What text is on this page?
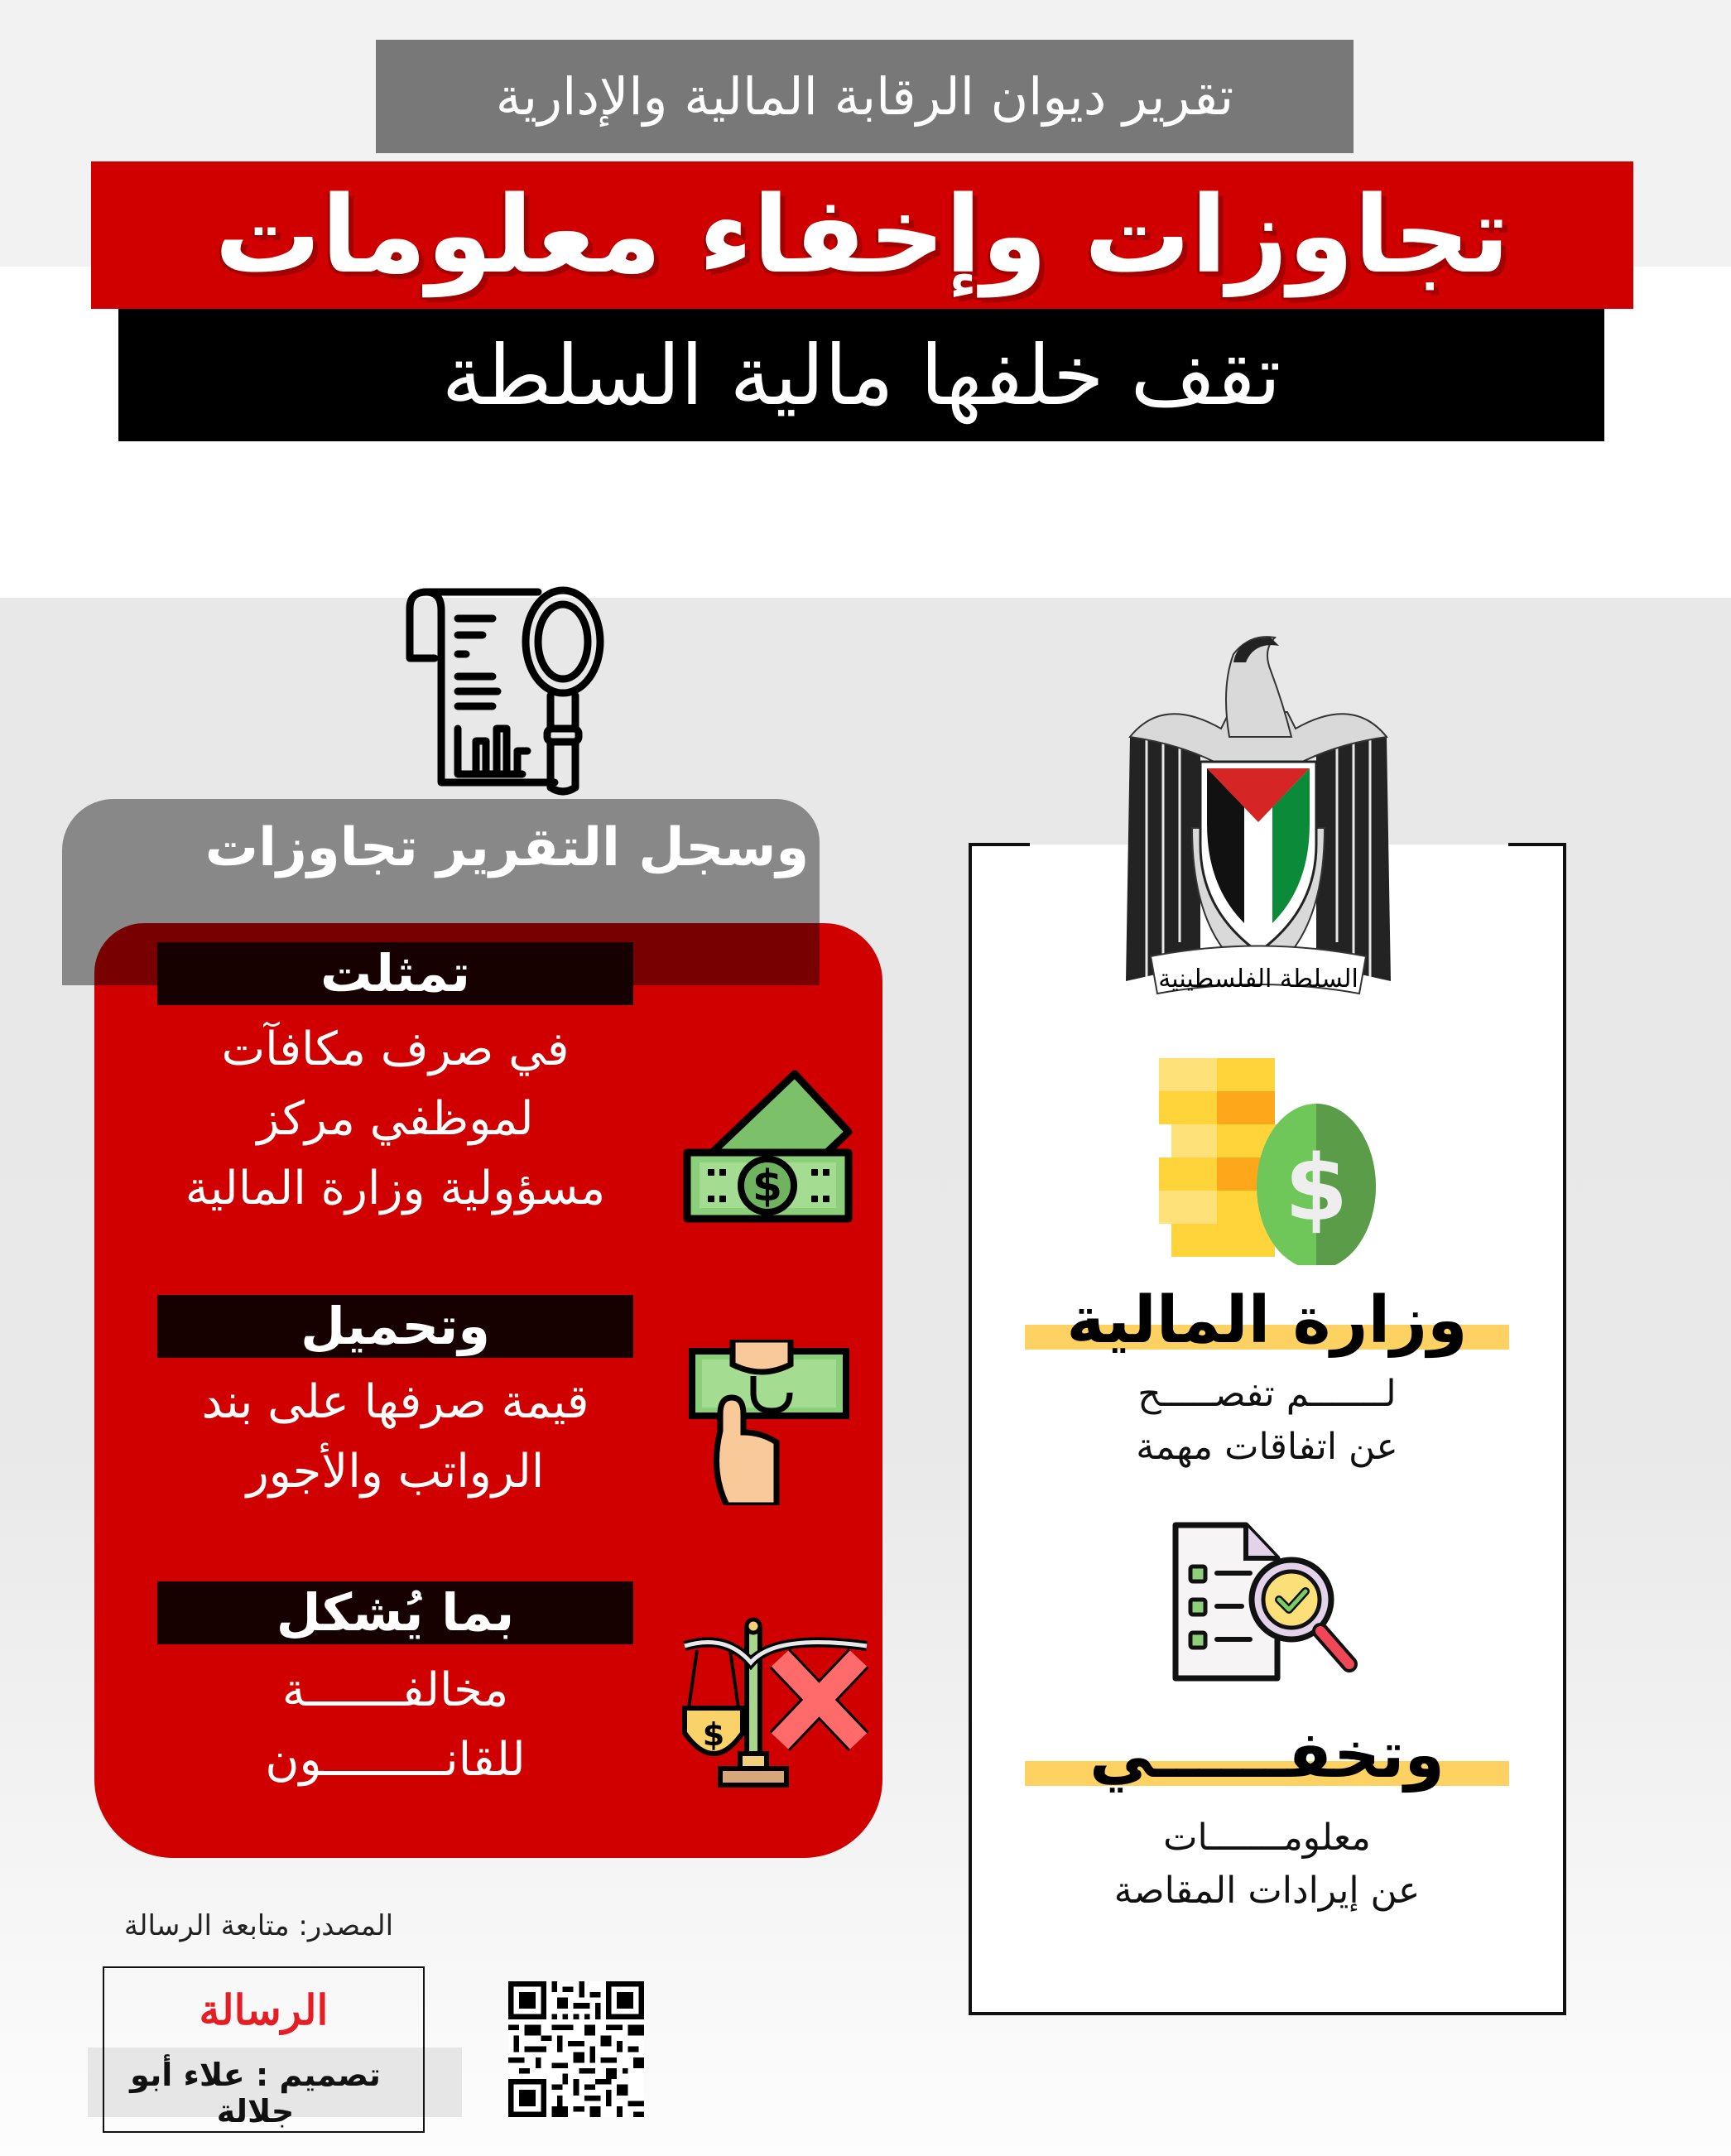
تقرير ديوان الرقابة المالية والإدارية
تجاوزات وإخفاء معلومات
تقف خلفها مالية السلطة
وسجل التقرير تجاوزات
تمثلت
في صرف مكافآت
لموظفي مركز
مسؤولية وزارة المالية	$
وتحميل
قيمة صرفها على بند
الرواتب والأجور
بما يُشكل
مخالفـــــــة
للقانـــــــــون	$
السلطة الفلسطينية
$
وزارة المالية
لـــــــم تفصـــــح
عن اتفاقات مهمة
وتخفــــــي
معلومـــــــات
عن إيرادات المقاصة
المصدر: متابعة الرسالة
الرسالة
تصميم : علاء أبو جلالة
